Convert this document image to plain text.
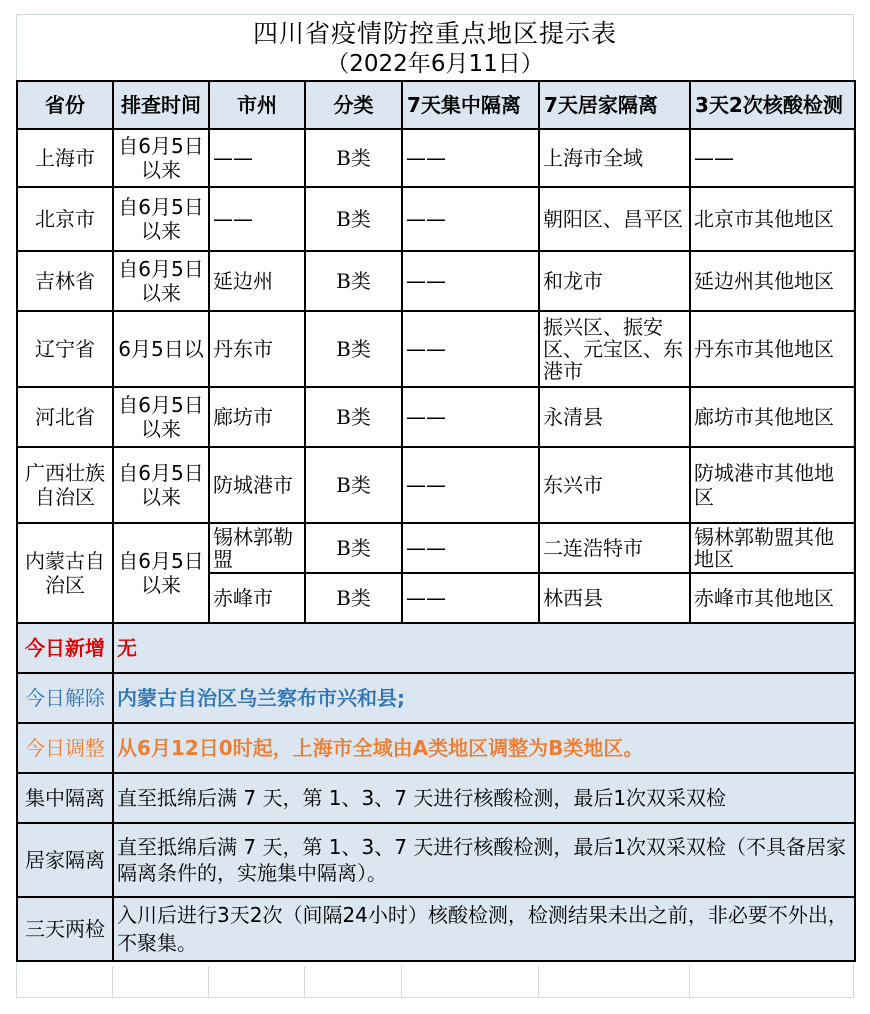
四川省疫情防控重点地区提示表
（2022年6月11日）
省份	排查时间	市州	分类	7天集中隔离	7天居家隔离	3天2次核酸检测
上海市	自6月5日以来	——	B类	——	上海市全域	——
北京市	自6月5日以来	——	B类	——	朝阳区、昌平区	北京市其他地区
吉林省	自6月5日以来	延边州	B类	——	和龙市	延边州其他地区
辽宁省	6月5日以	丹东市	B类	——	振兴区、振安区、元宝区、东港市	丹东市其他地区
河北省	自6月5日以来	廊坊市	B类	——	永清县	廊坊市其他地区
广西壮族自治区	自6月5日以来	防城港市	B类	——	东兴市	防城港市其他地区
内蒙古自治区	自6月5日以来	锡林郭勒盟	B类	——	二连浩特市	锡林郭勒盟其他地区
		赤峰市	B类	——	林西县	赤峰市其他地区
今日新增	无					
今日解除	内蒙古自治区乌兰察布市兴和县;					
今日调整	从6月12日0时起，上海市全域由A类地区调整为B类地区。					
集中隔离	直至抵绵后满 7 天，第 1、3、7 天进行核酸检测，最后1次双采双检					
居家隔离	直至抵绵后满 7 天，第 1、3、7 天进行核酸检测，最后1次双采双检（不具备居家隔离条件的，实施集中隔离）。					
三天两检	入川后进行3天2次（间隔24小时）核酸检测，检测结果未出之前，非必要不外出，不聚集。					
